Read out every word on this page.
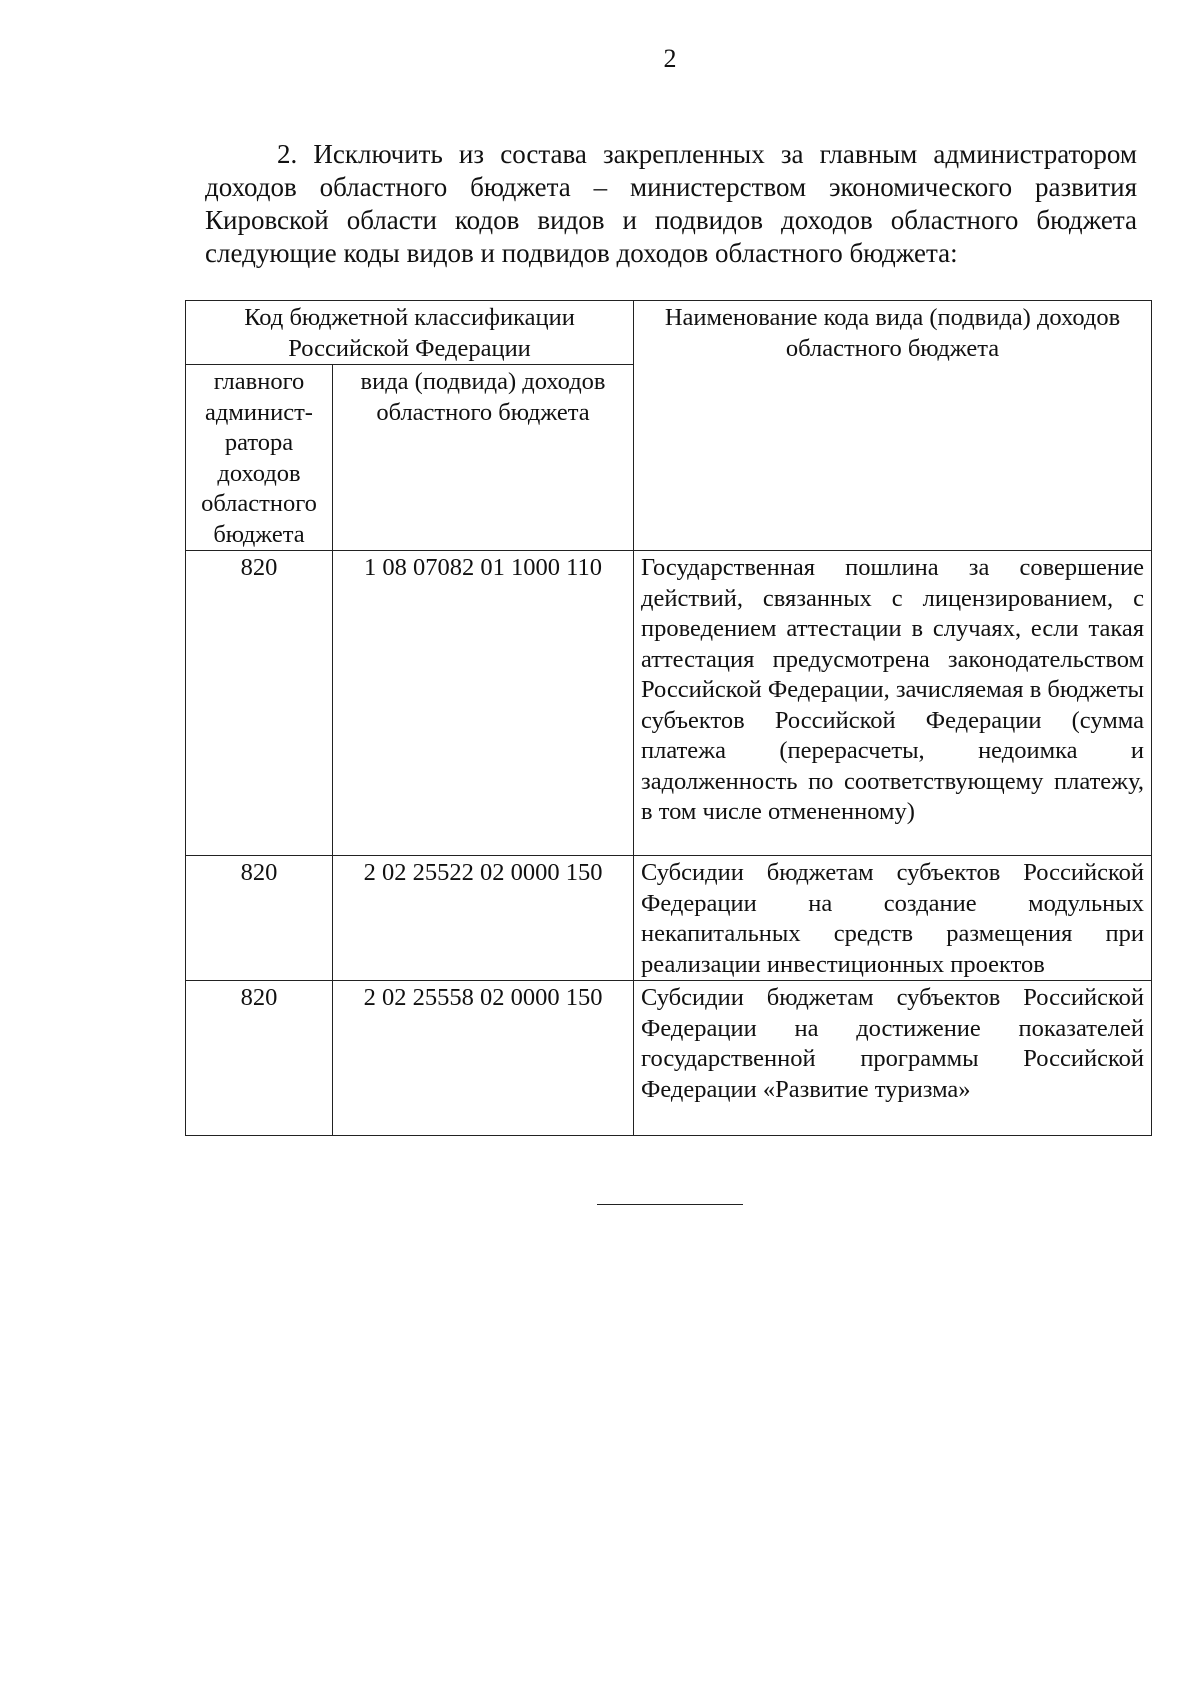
2

2. Исключить из состава закрепленных за главным администратором доходов областного бюджета – министерством экономического развития Кировской области кодов видов и подвидов доходов областного бюджета следующие коды видов и подвидов доходов областного бюджета:

Код бюджетной классификации Российской Федерации		Наименование кода вида (подвида) доходов областного бюджета
главного админист-ратора доходов областного бюджета	вида (подвида) доходов областного бюджета	
820	1 08 07082 01 1000 110	Государственная пошлина за совершение действий, связанных с лицензированием, с проведением аттестации в случаях, если такая аттестация предусмотрена законодательством Российской Федерации, зачисляемая в бюджеты субъектов Российской Федерации (сумма платежа (перерасчеты, недоимка и задолженность по соответствующему платежу, в том числе отмененному)
820	2 02 25522 02 0000 150	Субсидии бюджетам субъектов Российской Федерации на создание модульных некапитальных средств размещения при реализации инвестиционных проектов
820	2 02 25558 02 0000 150	Субсидии бюджетам субъектов Российской Федерации на достижение показателей государственной программы Российской Федерации «Развитие туризма»
